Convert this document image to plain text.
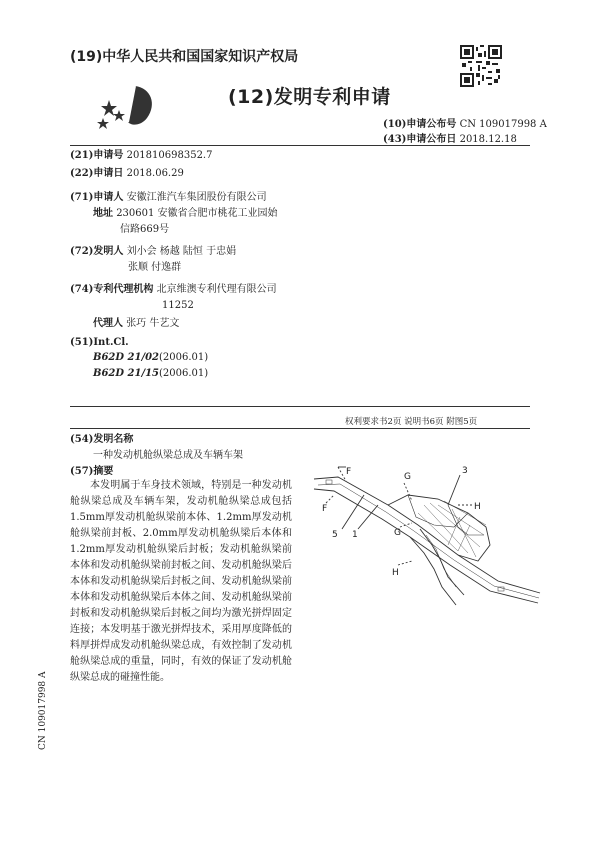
(19)中华人民共和国国家知识产权局
(12)发明专利申请
(10)申请公布号 CN 109017998 A
(43)申请公布日 2018.12.18
(21)申请号 201810698352.7
(22)申请日 2018.06.29
(71)申请人 安徽江淮汽车集团股份有限公司
地址 230601 安徽省合肥市桃花工业园始
信路669号
(72)发明人 刘小会 杨越 陆恒 于忠娟
张顺 付逸群
(74)专利代理机构 北京维澳专利代理有限公司
11252
代理人 张巧 牛艺文
(51)Int.Cl.
B62D 21/02(2006.01)
B62D 21/15(2006.01)
权利要求书2页 说明书6页 附图5页
(54)发明名称
一种发动机舱纵梁总成及车辆车架
(57)摘要
本发明属于车身技术领域，特别是一种发动机舱纵梁总成及车辆车架，发动机舱纵梁总成包括1.5mm厚发动机舱纵梁前本体、1.2mm厚发动机舱纵梁前封板、2.0mm厚发动机舱纵梁后本体和1.2mm厚发动机舱纵梁后封板；发动机舱纵梁前本体和发动机舱纵梁前封板之间、发动机舱纵梁后本体和发动机舱纵梁后封板之间、发动机舱纵梁前本体和发动机舱纵梁后本体之间、发动机舱纵梁前封板和发动机舱纵梁后封板之间均为激光拼焊固定连接；本发明基于激光拼焊技术，采用厚度降低的料厚拼焊成发动机舱纵梁总成，有效控制了发动机舱纵梁总成的重量，同时，有效的保证了发动机舱纵梁总成的碰撞性能。
F
F
G
G
H
H
3
5 1
CN 109017998 A
